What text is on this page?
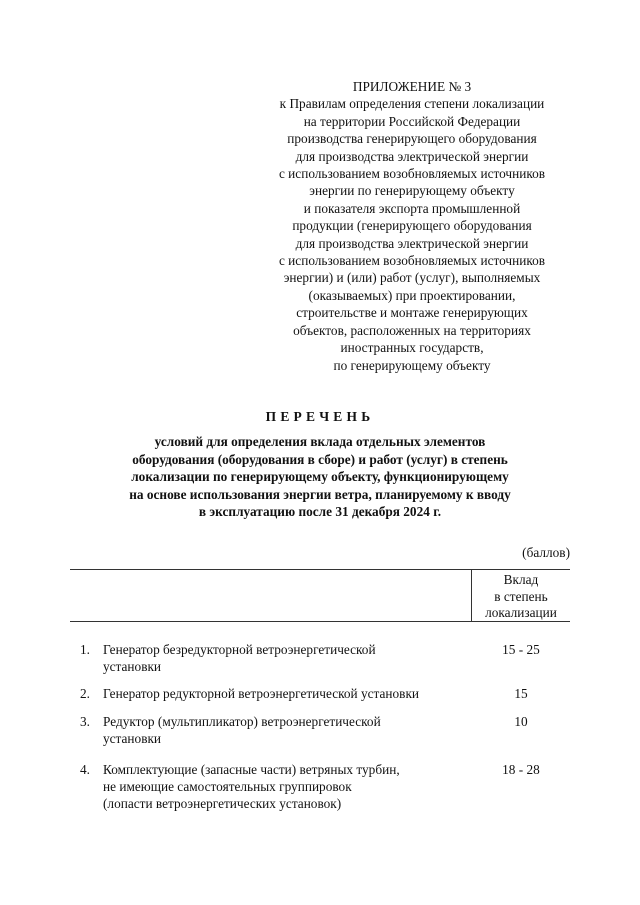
ПРИЛОЖЕНИЕ № 3
к Правилам определения степени локализации
на территории Российской Федерации
производства генерирующего оборудования
для производства электрической энергии
с использованием возобновляемых источников
энергии по генерирующему объекту
и показателя экспорта промышленной
продукции (генерирующего оборудования
для производства электрической энергии
с использованием возобновляемых источников
энергии) и (или) работ (услуг), выполняемых
(оказываемых) при проектировании,
строительстве и монтаже генерирующих
объектов, расположенных на территориях
иностранных государств,
по генерирующему объекту
ПЕРЕЧЕНЬ
условий для определения вклада отдельных элементов
оборудования (оборудования в сборе) и работ (услуг) в степень
локализации по генерирующему объекту, функционирующему
на основе использования энергии ветра, планируемому к вводу
в эксплуатацию после 31 декабря 2024 г.
(баллов)
Вклад
в степень
локализации
1. Генератор безредукторной ветроэнергетической
установки
15 - 25
2. Генератор редукторной ветроэнергетической установки	15
3. Редуктор (мультипликатор) ветроэнергетической
установки
10
4. Комплектующие (запасные части) ветряных турбин,
не имеющие самостоятельных группировок
(лопасти ветроэнергетических установок)
18 - 28
